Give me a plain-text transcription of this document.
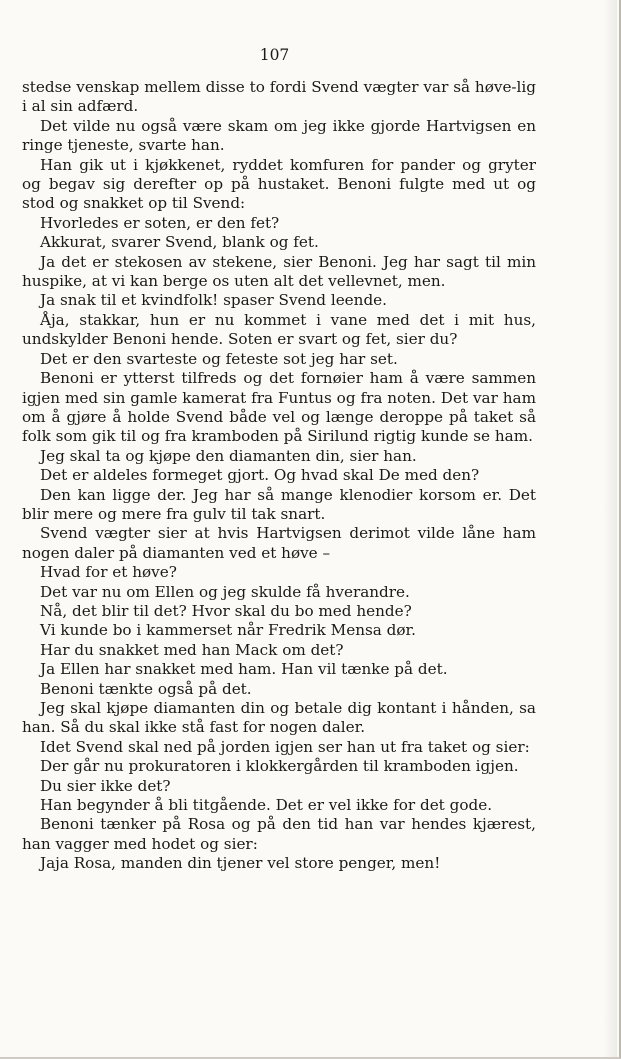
107

stedse venskap mellem disse to fordi Svend vægter var så høve-lig i al sin adfærd.

Det vilde nu også være skam om jeg ikke gjorde Hartvigsen en ringe tjeneste, svarte han.

Han gik ut i kjøkkenet, ryddet komfuren for pander og gryter og begav sig derefter op på hustaket. Benoni fulgte med ut og stod og snakket op til Svend:

Hvorledes er soten, er den fet?

Akkurat, svarer Svend, blank og fet.

Ja det er stekosen av stekene, sier Benoni. Jeg har sagt til min huspike, at vi kan berge os uten alt det vellevnet, men.

Ja snak til et kvindfolk! spaser Svend leende.

Åja, stakkar, hun er nu kommet i vane med det i mit hus, undskylder Benoni hende. Soten er svart og fet, sier du?

Det er den svarteste og feteste sot jeg har set.

Benoni er ytterst tilfreds og det fornøier ham å være sammen igjen med sin gamle kamerat fra Funtus og fra noten. Det var ham om å gjøre å holde Svend både vel og længe deroppe på taket så folk som gik til og fra kramboden på Sirilund rigtig kunde se ham.

Jeg skal ta og kjøpe den diamanten din, sier han.

Det er aldeles formeget gjort. Og hvad skal De med den?

Den kan ligge der. Jeg har så mange klenodier korsom er. Det blir mere og mere fra gulv til tak snart.

Svend vægter sier at hvis Hartvigsen derimot vilde låne ham nogen daler på diamanten ved et høve –

Hvad for et høve?

Det var nu om Ellen og jeg skulde få hverandre.

Nå, det blir til det? Hvor skal du bo med hende?

Vi kunde bo i kammerset når Fredrik Mensa dør.

Har du snakket med han Mack om det?

Ja Ellen har snakket med ham. Han vil tænke på det.

Benoni tænkte også på det.

Jeg skal kjøpe diamanten din og betale dig kontant i hånden, sa han. Så du skal ikke stå fast for nogen daler.

Idet Svend skal ned på jorden igjen ser han ut fra taket og sier:

Der går nu prokuratoren i klokkergården til kramboden igjen.

Du sier ikke det?

Han begynder å bli titgående. Det er vel ikke for det gode.

Benoni tænker på Rosa og på den tid han var hendes kjærest, han vagger med hodet og sier:

Jaja Rosa, manden din tjener vel store penger, men!
